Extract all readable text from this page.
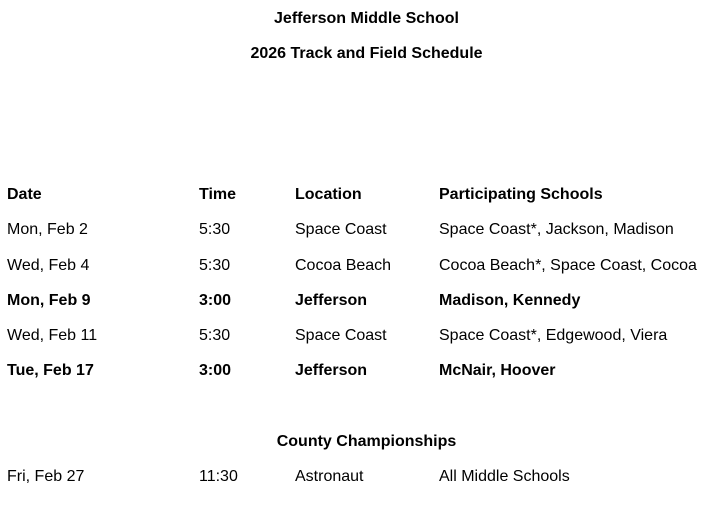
Jefferson Middle School
2026 Track and Field Schedule
Date	Time	Location	Participating Schools
Mon, Feb 2	5:30	Space Coast	Space Coast*, Jackson, Madison
Wed, Feb 4	5:30	Cocoa Beach	Cocoa Beach*, Space Coast, Cocoa
Mon, Feb 9	3:00	Jefferson	Madison, Kennedy
Wed, Feb 11	5:30	Space Coast	Space Coast*, Edgewood, Viera
Tue, Feb 17	3:00	Jefferson	McNair, Hoover
County Championships
Fri, Feb 27	11:30	Astronaut	All Middle Schools
